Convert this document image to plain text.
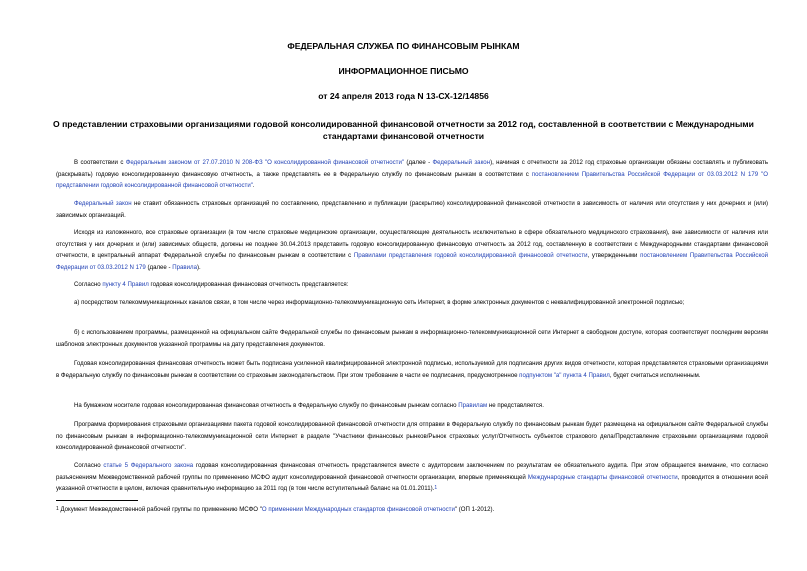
ФЕДЕРАЛЬНАЯ СЛУЖБА ПО ФИНАНСОВЫМ РЫНКАМ
ИНФОРМАЦИОННОЕ ПИСЬМО
от 24 апреля 2013 года N 13-СХ-12/14856
О представлении страховыми организациями годовой консолидированной финансовой отчетности за 2012 год, составленной в соответствии с Международными стандартами финансовой отчетности

В соответствии с Федеральным законом от 27.07.2010 N 208-ФЗ "О консолидированной финансовой отчетности" (далее - Федеральный закон), начиная с отчетности за 2012 год страховые организации обязаны составлять и публиковать (раскрывать) годовую консолидированную финансовую отчетность, а также представлять ее в Федеральную службу по финансовым рынкам в соответствии с постановлением Правительства Российской Федерации от 03.03.2012 N 179 "О представлении годовой консолидированной финансовой отчетности".

Федеральный закон не ставит обязанность страховых организаций по составлению, представлению и публикации (раскрытию) консолидированной финансовой отчетности в зависимость от наличия или отсутствия у них дочерних и (или) зависимых организаций.

Исходя из изложенного, все страховые организации (в том числе страховые медицинские организации, осуществляющие деятельность исключительно в сфере обязательного медицинского страхования), вне зависимости от наличия или отсутствия у них дочерних и (или) зависимых обществ, должны не позднее 30.04.2013 представить годовую консолидированную финансовую отчетность за 2012 год, составленную в соответствии с Международными стандартами финансовой отчетности, в центральный аппарат Федеральной службы по финансовым рынкам в соответствии с Правилами представления годовой консолидированной финансовой отчетности, утвержденными постановлением Правительства Российской Федерации от 03.03.2012 N 179 (далее - Правила).

Согласно пункту 4 Правил годовая консолидированная финансовая отчетность представляется:

а) посредством телекоммуникационных каналов связи, в том числе через информационно-телекоммуникационную сеть Интернет, в форме электронных документов с неквалифицированной электронной подписью;

б) с использованием программы, размещенной на официальном сайте Федеральной службы по финансовым рынкам в информационно-телекоммуникационной сети Интернет в свободном доступе, которая соответствует последним версиям шаблонов электронных документов указанной программы на дату представления документов.

Годовая консолидированная финансовая отчетность может быть подписана усиленной квалифицированной электронной подписью, используемой для подписания других видов отчетности, которая представляется страховыми организациями в Федеральную службу по финансовым рынкам в соответствии со страховым законодательством. При этом требование в части ее подписания, предусмотренное подпунктом "а" пункта 4 Правил, будет считаться исполненным.

На бумажном носителе годовая консолидированная финансовая отчетность в Федеральную службу по финансовым рынкам согласно Правилам не представляется.

Программа формирования страховыми организациями пакета годовой консолидированной финансовой отчетности для отправки в Федеральную службу по финансовым рынкам будет размещена на официальном сайте Федеральной службы по финансовым рынкам в информационно-телекоммуникационной сети Интернет в разделе "Участники финансовых рынков/Рынок страховых услуг/Отчетность субъектов страхового дела/Представление страховыми организациями годовой консолидированной финансовой отчетности".

Согласно статье 5 Федерального закона годовая консолидированная финансовая отчетность представляется вместе с аудиторским заключением по результатам ее обязательного аудита. При этом обращается внимание, что согласно разъяснениям Межведомственной рабочей группы по применению МСФО аудит консолидированной финансовой отчетности организации, впервые применяющей Международные стандарты финансовой отчетности, проводится в отношении всей указанной отчетности в целом, включая сравнительную информацию за 2011 год (в том числе вступительный баланс на 01.01.2011).$^1$

$^1$ Документ Межведомственной рабочей группы по применению МСФО "О применении Международных стандартов финансовой отчетности" (ОП 1-2012).
